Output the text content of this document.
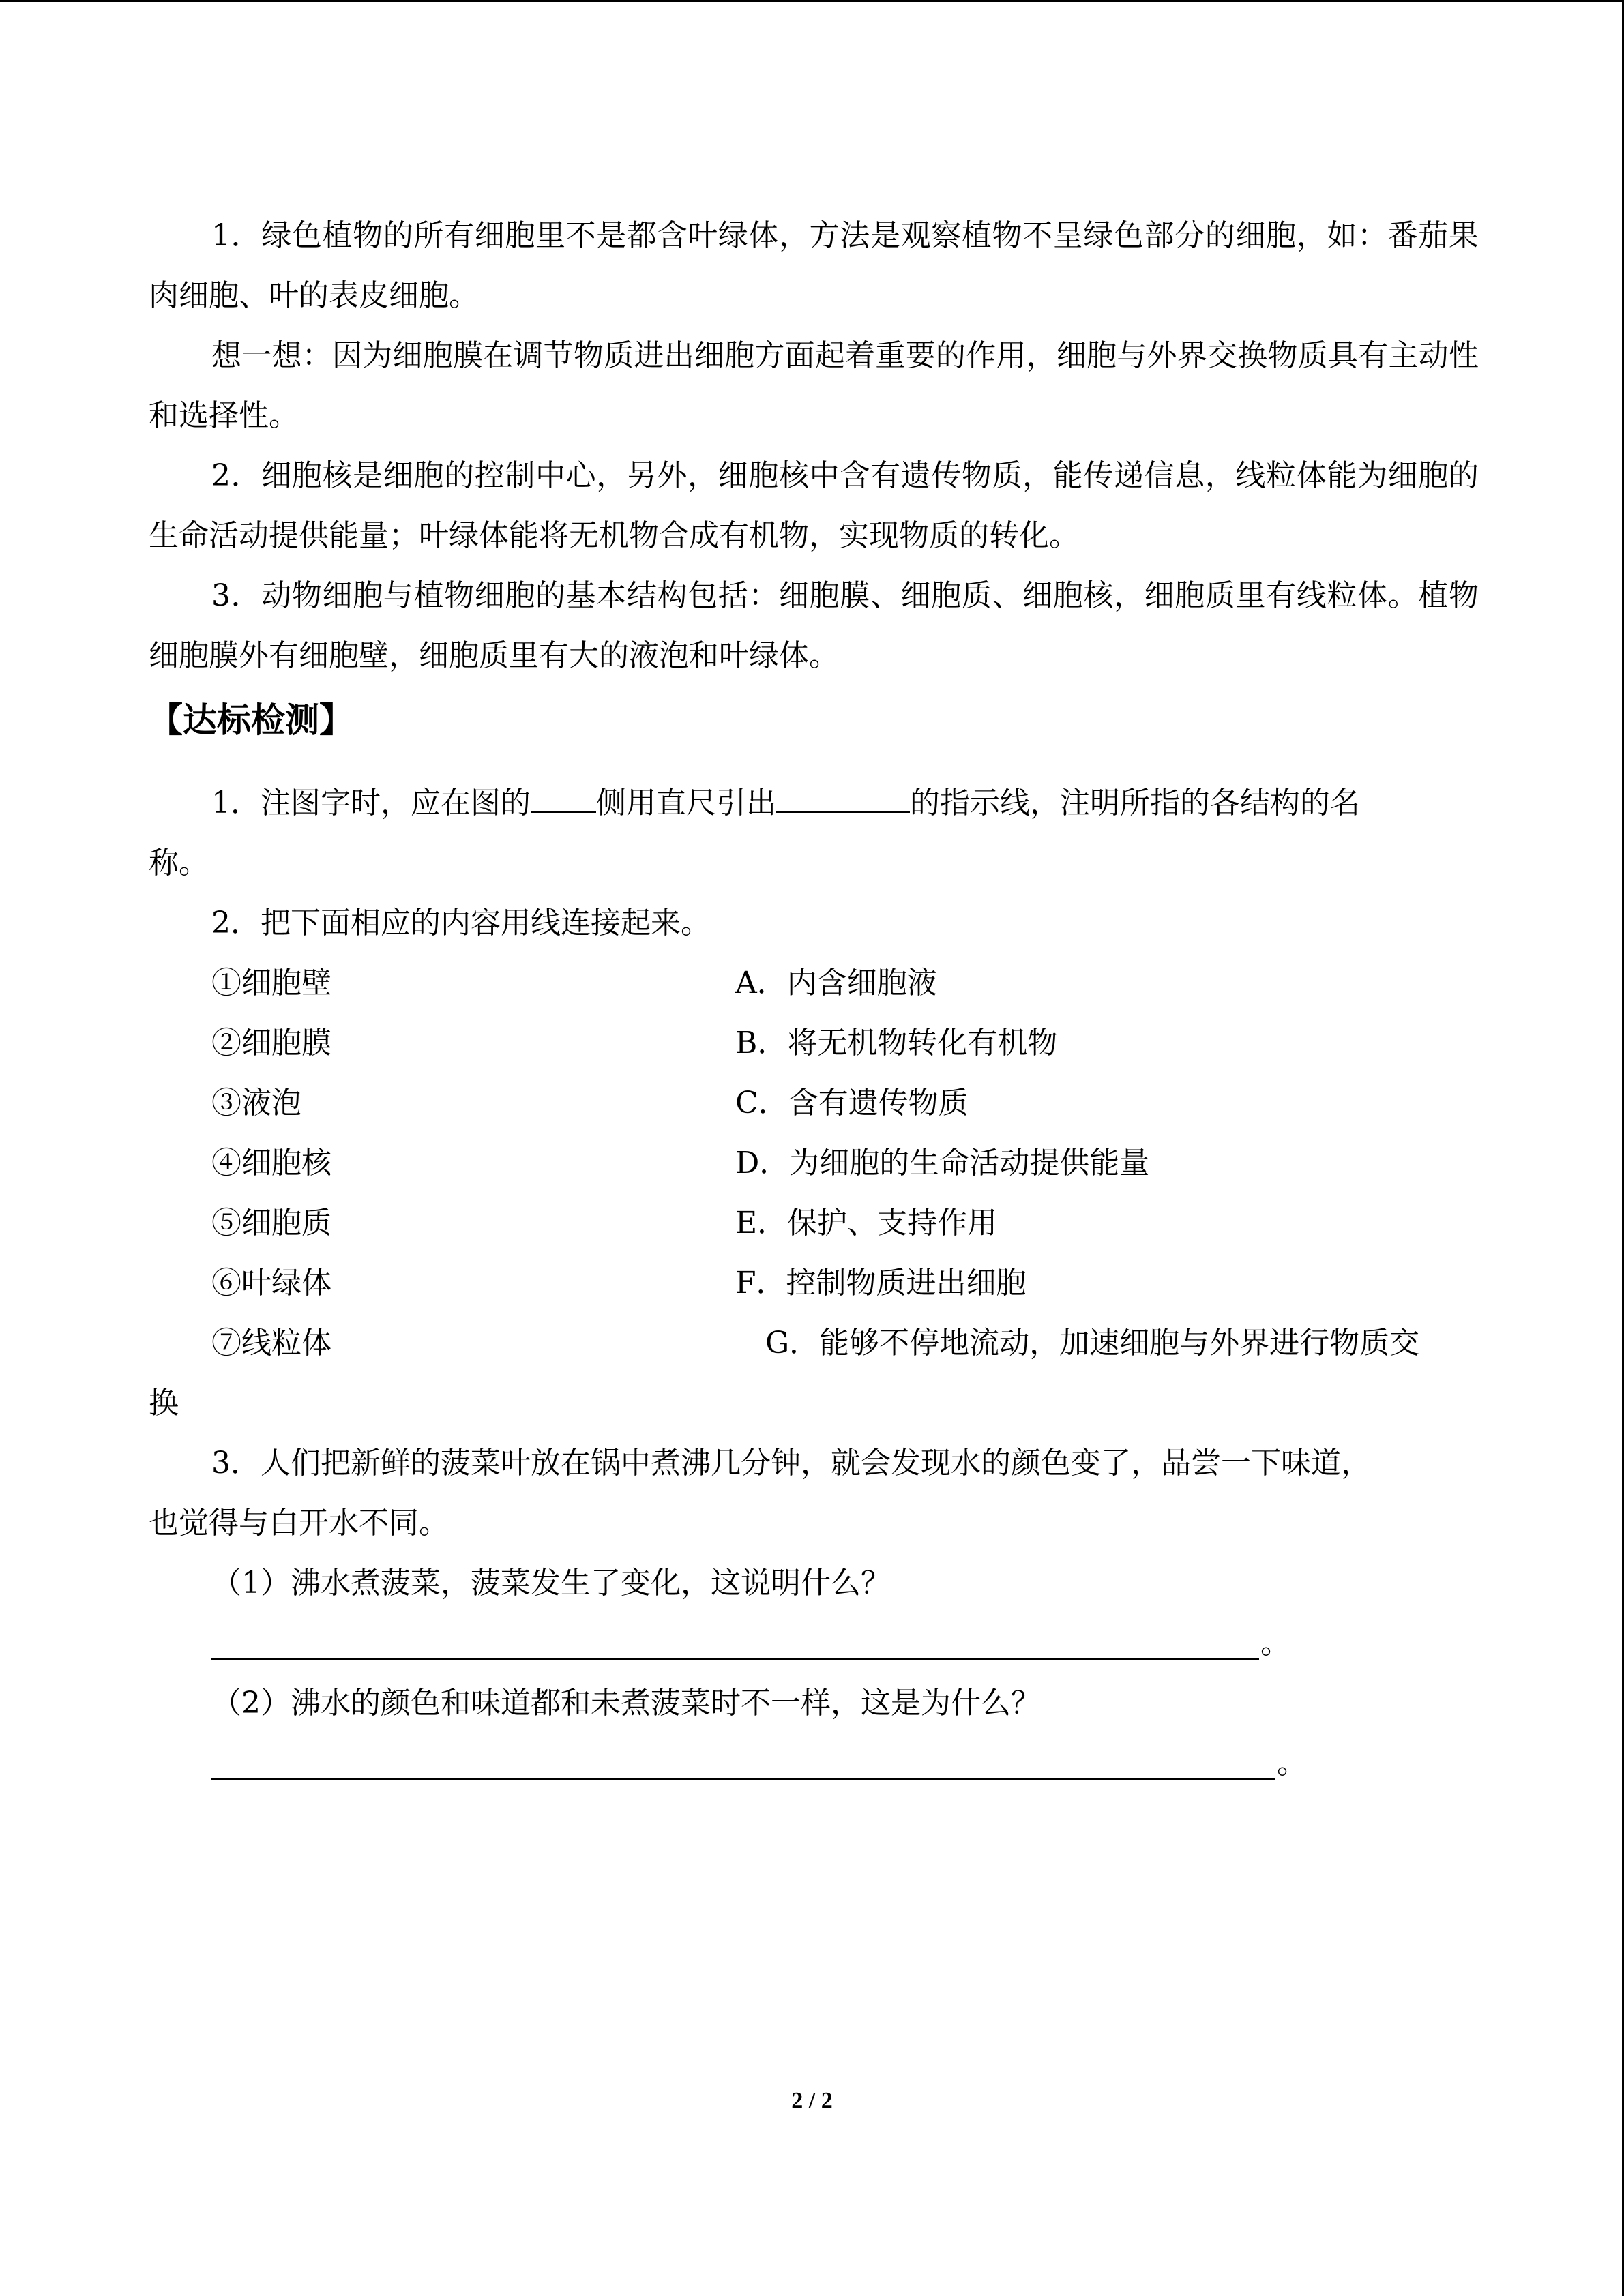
1．绿色植物的所有细胞里不是都含叶绿体，方法是观察植物不呈绿色部分的细胞，如：番茄果肉细胞、叶的表皮细胞。

想一想：因为细胞膜在调节物质进出细胞方面起着重要的作用，细胞与外界交换物质具有主动性和选择性。

2．细胞核是细胞的控制中心，另外，细胞核中含有遗传物质，能传递信息，线粒体能为细胞的生命活动提供能量；叶绿体能将无机物合成有机物，实现物质的转化。

3．动物细胞与植物细胞的基本结构包括：细胞膜、细胞质、细胞核，细胞质里有线粒体。植物细胞膜外有细胞壁，细胞质里有大的液泡和叶绿体。

【达标检测】
1．注图字时，应在图的 侧用直尺引出	的指示线，注明所指的各结构的名
称。
2．把下面相应的内容用线连接起来。
①细胞壁
②细胞膜
③液泡
④细胞核
⑤细胞质
⑥叶绿体
⑦线粒体
A．内含细胞液
B．将无机物转化有机物
C．含有遗传物质
D．为细胞的生命活动提供能量
E．保护、支持作用
F．控制物质进出细胞
G．能够不停地流动，加速细胞与外界进行物质交
换
3．人们把新鲜的菠菜叶放在锅中煮沸几分钟，就会发现水的颜色变了，品尝一下味道，
也觉得与白开水不同。
（1）沸水煮菠菜，菠菜发生了变化，这说明什么？
。
（2）沸水的颜色和味道都和未煮菠菜时不一样，这是为什么？
。
2 / 2
